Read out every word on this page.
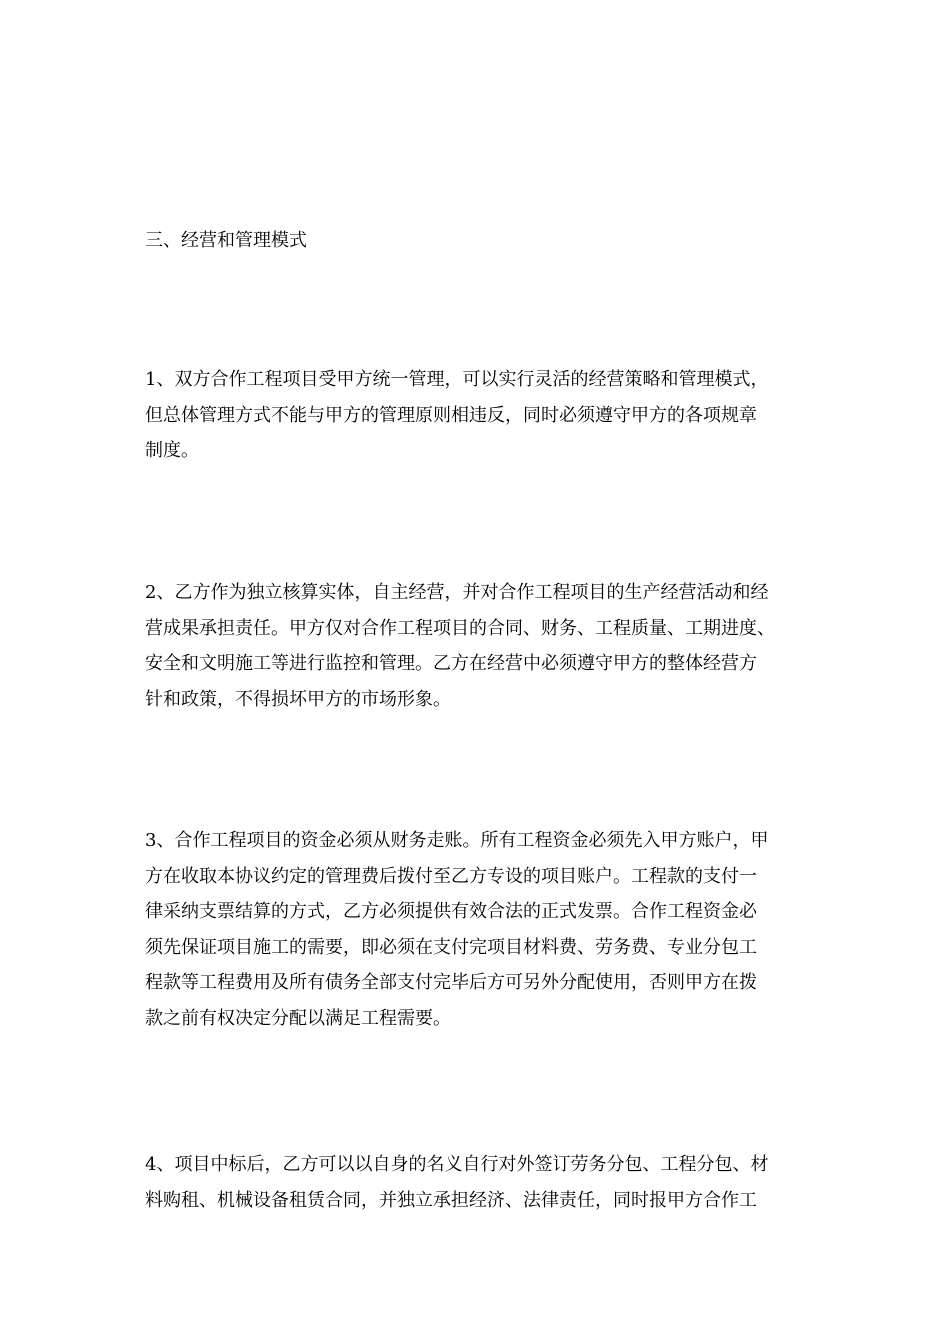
三、经营和管理模式
1、双方合作工程项目受甲方统一管理，可以实行灵活的经营策略和管理模式，
但总体管理方式不能与甲方的管理原则相违反，同时必须遵守甲方的各项规章
制度。
2、乙方作为独立核算实体，自主经营，并对合作工程项目的生产经营活动和经
营成果承担责任。甲方仅对合作工程项目的合同、财务、工程质量、工期进度、
安全和文明施工等进行监控和管理。乙方在经营中必须遵守甲方的整体经营方
针和政策，不得损坏甲方的市场形象。
3、合作工程项目的资金必须从财务走账。所有工程资金必须先入甲方账户，甲
方在收取本协议约定的管理费后拨付至乙方专设的项目账户。工程款的支付一
律采纳支票结算的方式，乙方必须提供有效合法的正式发票。合作工程资金必
须先保证项目施工的需要，即必须在支付完项目材料费、劳务费、专业分包工
程款等工程费用及所有债务全部支付完毕后方可另外分配使用，否则甲方在拨
款之前有权决定分配以满足工程需要。
4、项目中标后，乙方可以以自身的名义自行对外签订劳务分包、工程分包、材
料购租、机械设备租赁合同，并独立承担经济、法律责任，同时报甲方合作工
